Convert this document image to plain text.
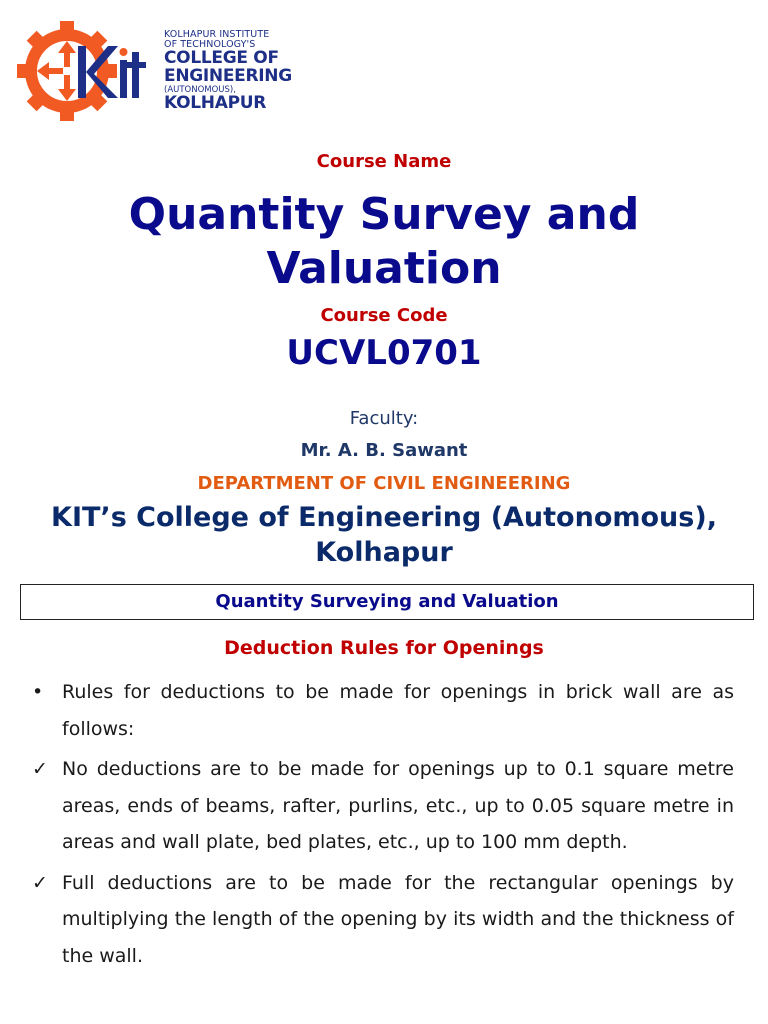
KOLHAPUR INSTITUTE
OF TECHNOLOGY'S
COLLEGE OF
ENGINEERING
(AUTONOMOUS),
KOLHAPUR
Course Name
Quantity Survey and
Valuation
Course Code
UCVL0701
Faculty:
Mr. A. B. Sawant
DEPARTMENT OF CIVIL ENGINEERING
KIT’s College of Engineering (Autonomous),
Kolhapur
Quantity Surveying and Valuation
Deduction Rules for Openings
• Rules for deductions to be made for openings in brick wall are as follows:
✓ No deductions are to be made for openings up to 0.1 square metre areas, ends of beams, rafter, purlins, etc., up to 0.05 square metre in areas and wall plate, bed plates, etc., up to 100 mm depth.
✓ Full deductions are to be made for the rectangular openings by multiplying the length of the opening by its width and the thickness of the wall.
